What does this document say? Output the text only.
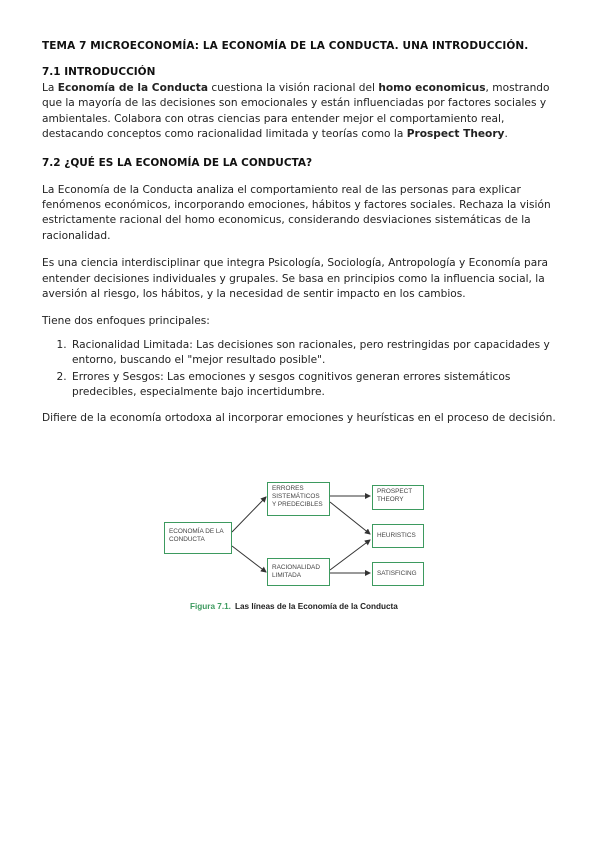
TEMA 7 MICROECONOMÍA: LA ECONOMÍA DE LA CONDUCTA. UNA INTRODUCCIÓN.
7.1 INTRODUCCIÓN

La Economía de la Conducta cuestiona la visión racional del homo economicus, mostrando que la mayoría de las decisiones son emocionales y están influenciadas por factores sociales y ambientales. Colabora con otras ciencias para entender mejor el comportamiento real, destacando conceptos como racionalidad limitada y teorías como la Prospect Theory.

7.2 ¿QUÉ ES LA ECONOMÍA DE LA CONDUCTA?

La Economía de la Conducta analiza el comportamiento real de las personas para explicar fenómenos económicos, incorporando emociones, hábitos y factores sociales. Rechaza la visión estrictamente racional del homo economicus, considerando desviaciones sistemáticas de la racionalidad.

Es una ciencia interdisciplinar que integra Psicología, Sociología, Antropología y Economía para entender decisiones individuales y grupales. Se basa en principios como la influencia social, la aversión al riesgo, los hábitos, y la necesidad de sentir impacto en los cambios.

Tiene dos enfoques principales:

1. Racionalidad Limitada: Las decisiones son racionales, pero restringidas por capacidades y entorno, buscando el "mejor resultado posible".
2. Errores y Sesgos: Las emociones y sesgos cognitivos generan errores sistemáticos predecibles, especialmente bajo incertidumbre.

Difiere de la economía ortodoxa al incorporar emociones y heurísticas en el proceso de decisión.

ECONOMÍA DE LA CONDUCTA
ERRORES SISTEMÁTICOS Y PREDECIBLES
RACIONALIDAD LIMITADA
PROSPECT THEORY
HEURISTICS
SATISFICING
Figura 7.1. Las líneas de la Economía de la Conducta
